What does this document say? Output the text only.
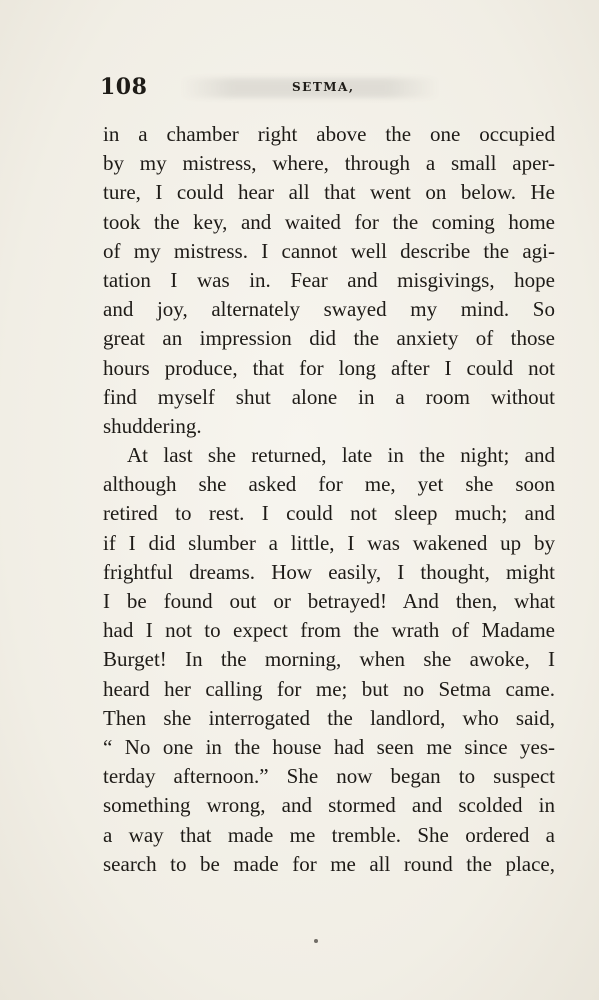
108	SETMA,
in a chamber right above the one occupied
by my mistress, where, through a small aper-
ture, I could hear all that went on below. He
took the key, and waited for the coming home
of my mistress. I cannot well describe the agi-
tation I was in. Fear and misgivings, hope
and joy, alternately swayed my mind. So
great an impression did the anxiety of those
hours produce, that for long after I could not
find myself shut alone in a room without
shuddering.
At last she returned, late in the night; and
although she asked for me, yet she soon
retired to rest. I could not sleep much; and
if I did slumber a little, I was wakened up by
frightful dreams. How easily, I thought, might
I be found out or betrayed! And then, what
had I not to expect from the wrath of Madame
Burget! In the morning, when she awoke, I
heard her calling for me; but no Setma came.
Then she interrogated the landlord, who said,
“ No one in the house had seen me since yes-
terday afternoon.” She now began to suspect
something wrong, and stormed and scolded in
a way that made me tremble. She ordered a
search to be made for me all round the place,
